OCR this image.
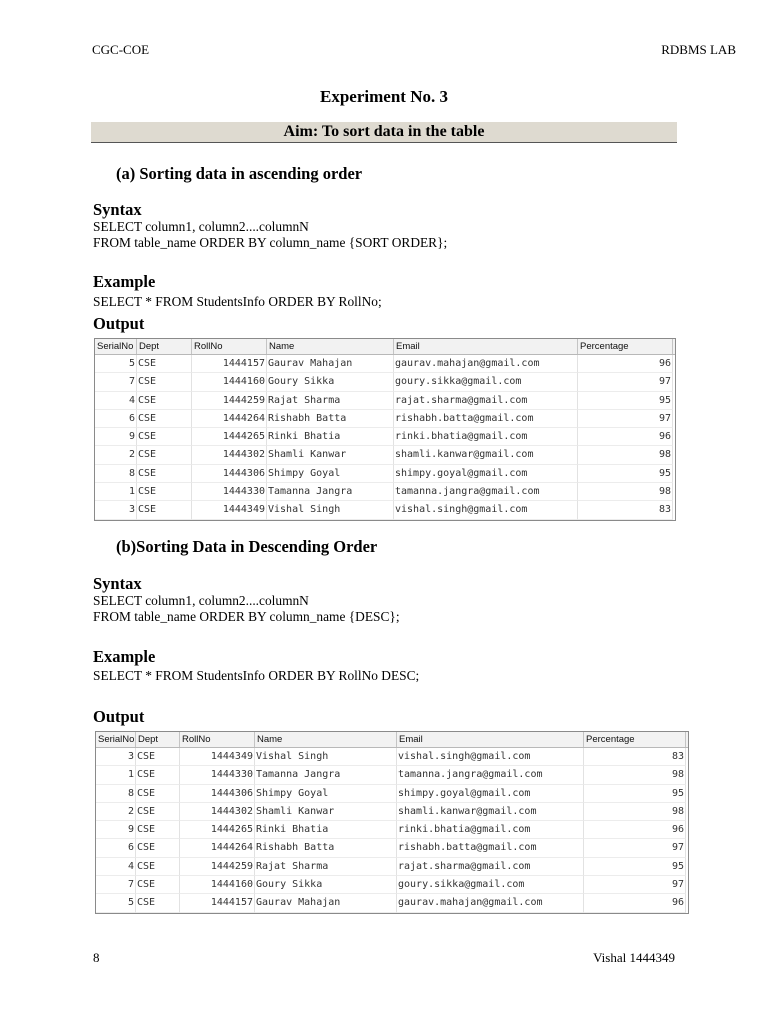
CGC-COE	RDBMS LAB
Experiment No. 3
Aim: To sort data in the table
(a) Sorting data in ascending order
Syntax
SELECT column1, column2....columnN
FROM table_name ORDER BY column_name {SORT ORDER};
Example
SELECT * FROM StudentsInfo ORDER BY RollNo;
Output
SerialNo Dept	RollNo	Name	Email	Percentage
5 CSE	1444157 Gaurav Mahajan	gaurav.mahajan@gmail.com	96
7 CSE	1444160 Goury Sikka	goury.sikka@gmail.com	97
4 CSE	1444259 Rajat Sharma	rajat.sharma@gmail.com	95
6 CSE	1444264 Rishabh Batta	rishabh.batta@gmail.com	97
9 CSE	1444265 Rinki Bhatia	rinki.bhatia@gmail.com	96
2 CSE	1444302 Shamli Kanwar	shamli.kanwar@gmail.com	98
8 CSE	1444306 Shimpy Goyal	shimpy.goyal@gmail.com	95
1 CSE	1444330 Tamanna Jangra	tamanna.jangra@gmail.com	98
3 CSE	1444349 Vishal Singh	vishal.singh@gmail.com	83
(b)Sorting Data in Descending Order
Syntax
SELECT column1, column2....columnN
FROM table_name ORDER BY column_name {DESC};
Example
SELECT * FROM StudentsInfo ORDER BY RollNo DESC;
Output
SerialNo Dept	RollNo	Name	Email	Percentage
3 CSE	1444349 Vishal Singh	vishal.singh@gmail.com	83
1 CSE	1444330 Tamanna Jangra	tamanna.jangra@gmail.com	98
8 CSE	1444306 Shimpy Goyal	shimpy.goyal@gmail.com	95
2 CSE	1444302 Shamli Kanwar	shamli.kanwar@gmail.com	98
9 CSE	1444265 Rinki Bhatia	rinki.bhatia@gmail.com	96
6 CSE	1444264 Rishabh Batta	rishabh.batta@gmail.com	97
4 CSE	1444259 Rajat Sharma	rajat.sharma@gmail.com	95
7 CSE	1444160 Goury Sikka	goury.sikka@gmail.com	97
5 CSE	1444157 Gaurav Mahajan	gaurav.mahajan@gmail.com	96
8	Vishal 1444349
